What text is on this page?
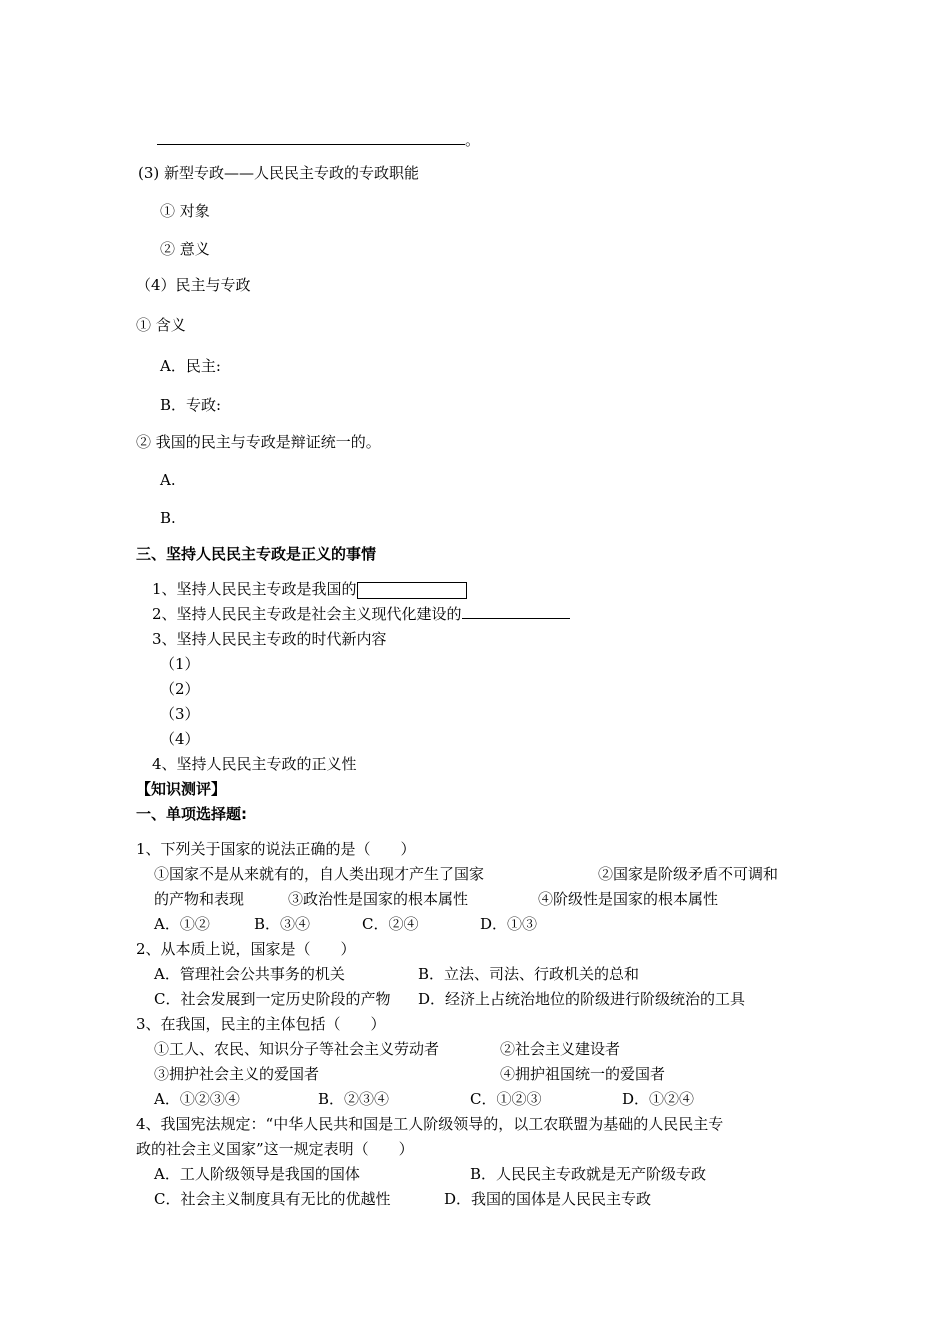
。
(3) 新型专政——人民民主专政的专政职能
① 对象
② 意义
（4）民主与专政
① 含义
A．民主:
B．专政:
② 我国的民主与专政是辩证统一的。
A.
B.
三、坚持人民民主专政是正义的事情
1、坚持人民民主专政是我国的
2、坚持人民民主专政是社会主义现代化建设的
3、坚持人民民主专政的时代新内容
（1）
（2）
（3）
（4）
4、坚持人民民主专政的正义性
【知识测评】
一、单项选择题:
1、下列关于国家的说法正确的是（　　）
①国家不是从来就有的，自人类出现才产生了国家	②国家是阶级矛盾不可调和
的产物和表现	③政治性是国家的根本属性	④阶级性是国家的根本属性
A．①②	B．③④	C．②④	D．①③
2、从本质上说，国家是（　　）
A．管理社会公共事务的机关	B．立法、司法、行政机关的总和
C．社会发展到一定历史阶段的产物 D．经济上占统治地位的阶级进行阶级统治的工具
3、在我国，民主的主体包括（　　）
①工人、农民、知识分子等社会主义劳动者	②社会主义建设者
③拥护社会主义的爱国者	④拥护祖国统一的爱国者
A．①②③④	B．②③④	C．①②③	D．①②④
4、我国宪法规定：“中华人民共和国是工人阶级领导的，以工农联盟为基础的人民民主专
政的社会主义国家”这一规定表明（　　）
A．工人阶级领导是我国的国体	B．人民民主专政就是无产阶级专政
C．社会主义制度具有无比的优越性	D．我国的国体是人民民主专政
